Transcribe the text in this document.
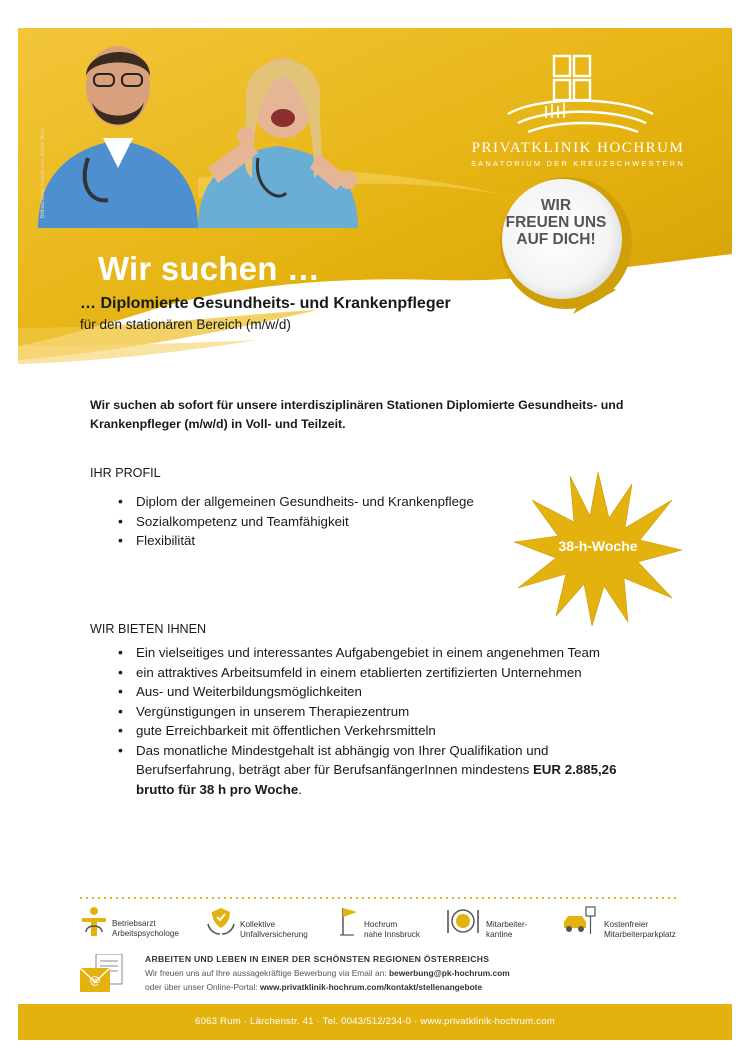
Bildnachweis: Freepik.com, Adobe Stock	PRIVATKLINIK HOCHRUM
SANATORIUM DER KREUZSCHWESTERN
Wir suchen …
WIR
FREUEN UNS
AUF DICH!
… Diplomierte Gesundheits- und Krankenpfleger
für den stationären Bereich (m/w/d)
Wir suchen ab sofort für unsere interdisziplinären Stationen Diplomierte Gesundheits- und Krankenpfleger (m/w/d) in Voll- und Teilzeit.
IHR PROFIL
• Diplom der allgemeinen Gesundheits- und Krankenpflege
• Sozialkompetenz und Teamfähigkeit
• Flexibilität	38-h-Woche
WIR BIETEN IHNEN
• Ein vielseitiges und interessantes Aufgabengebiet in einem angenehmen Team
• ein attraktives Arbeitsumfeld in einem etablierten zertifizierten Unternehmen
• Aus- und Weiterbildungsmöglichkeiten
• Vergünstigungen in unserem Therapiezentrum
• gute Erreichbarkeit mit öffentlichen Verkehrsmitteln
• Das monatliche Mindestgehalt ist abhängig von Ihrer Qualifikation und Berufserfahrung, beträgt aber für BerufsanfängerInnen mindestens EUR 2.885,26 brutto für 38 h pro Woche.
Betriebsarzt
Arbeitspsychologe
Kollektive
Unfallversicherung
Hochrum
nahe Innsbruck
Mitarbeiter-
kantine
Kostenfreier
Mitarbeiterparkplatz
@
ARBEITEN UND LEBEN IN EINER DER SCHÖNSTEN REGIONEN ÖSTERREICHS
Wir freuen uns auf Ihre aussagekräftige Bewerbung via Email an: bewerbung@pk-hochrum.com
oder über unser Online-Portal: www.privatklinik-hochrum.com/kontakt/stellenangebote
6063 Rum · Lärchenstr. 41 · Tel. 0043/512/234-0 · www.privatklinik-hochrum.com
